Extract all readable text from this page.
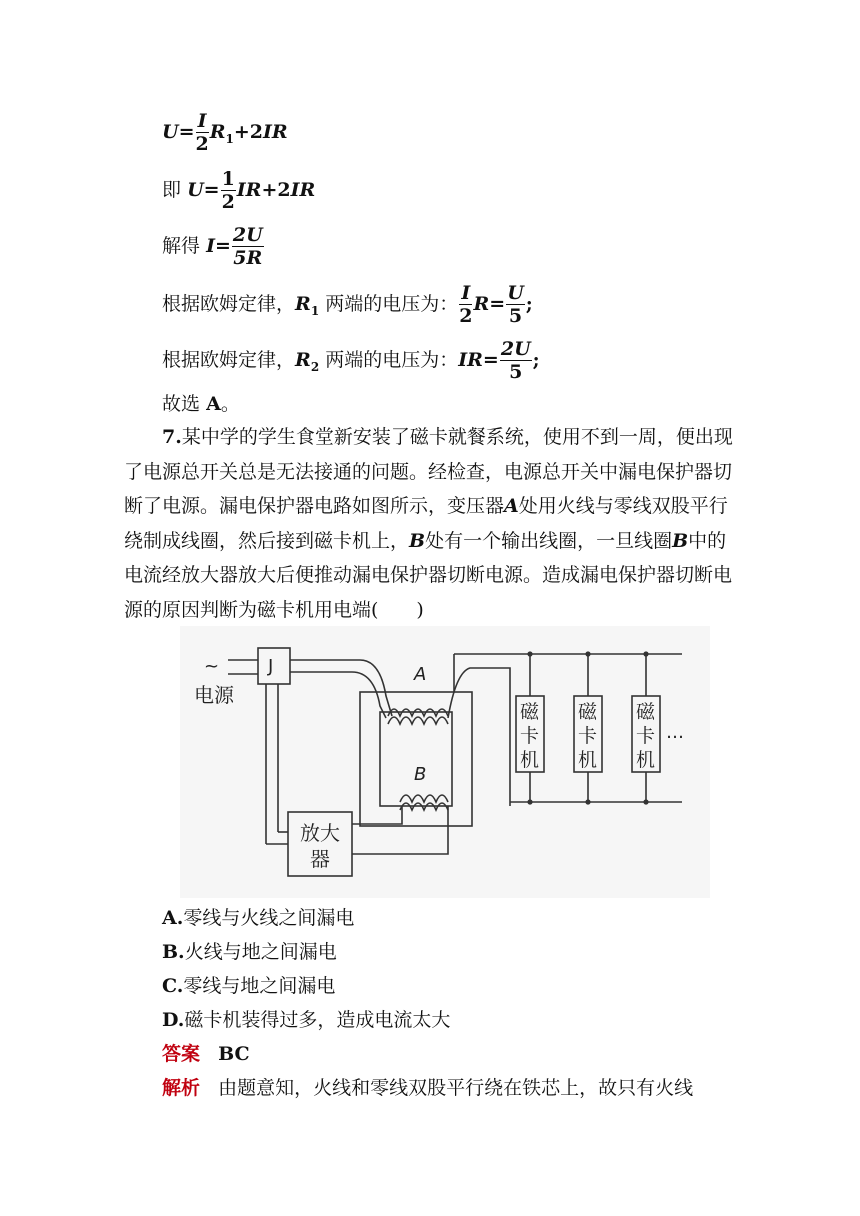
$U= \frac{I}{2} R_1+2IR$
即 $U= \frac{1}{2} IR+2IR$
解得 $I= \frac{2U}{5R}$
根据欧姆定律，$R_1$ 两端的电压为： $\frac{I}{2} R= \frac{U}{5}$ ;
根据欧姆定律，$R_2$ 两端的电压为：$IR= \frac{2U}{5}$ ;
故选 A。
7.某中学的学生食堂新安装了磁卡就餐系统，使用不到一周，便出现了电源总开关总是无法接通的问题。经检查，电源总开关中漏电保护器切断了电源。漏电保护器电路如图所示，变压器A处用火线与零线双股平行绕制成线圈，然后接到磁卡机上，B处有一个输出线圈，一旦线圈B中的电流经放大器放大后便推动漏电保护器切断电源。造成漏电保护器切断电源的原因判断为磁卡机用电端(　　)
~
电源
J	A
B
放大
器
磁
卡
机
磁
卡
机
磁
卡
机
…
A.零线与火线之间漏电
B.火线与地之间漏电
C.零线与地之间漏电
D.磁卡机装得过多，造成电流太大
答案 BC
解析 由题意知，火线和零线双股平行绕在铁芯上，故只有火线
